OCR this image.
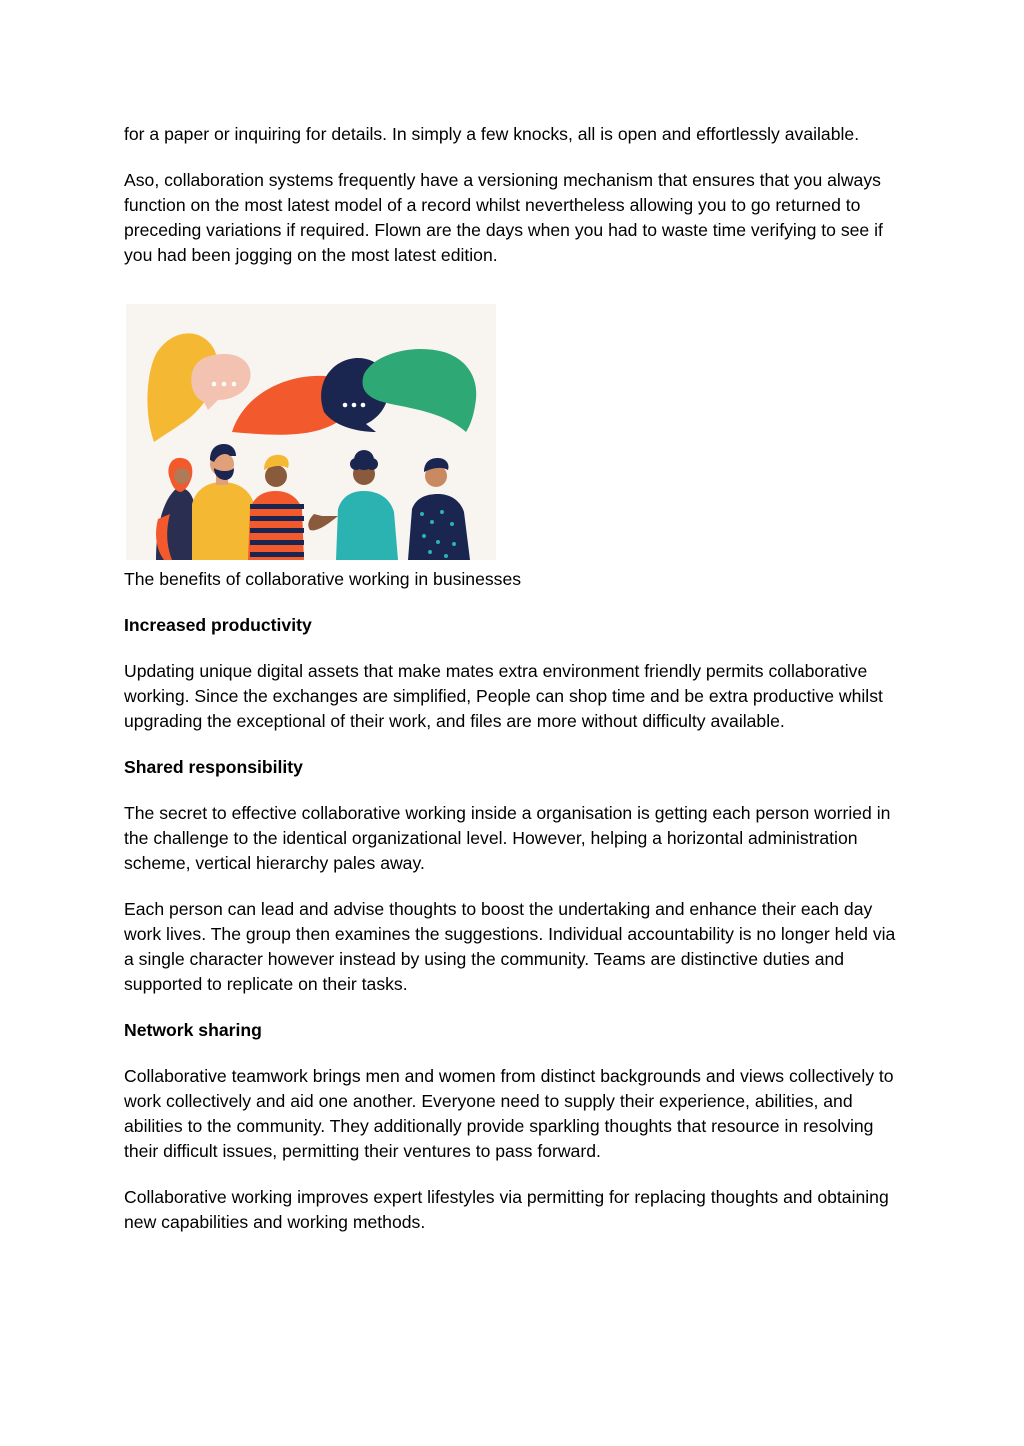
for a paper or inquiring for details. In simply a few knocks, all is open and effortlessly available.

Aso, collaboration systems frequently have a versioning mechanism that ensures that you always function on the most latest model of a record whilst nevertheless allowing you to go returned to preceding variations if required. Flown are the days when you had to waste time verifying to see if you had been jogging on the most latest edition.

The benefits of collaborative working in businesses

Increased productivity

Updating unique digital assets that make mates extra environment friendly permits collaborative working. Since the exchanges are simplified, People can shop time and be extra productive whilst upgrading the exceptional of their work, and files are more without difficulty available.

Shared responsibility

The secret to effective collaborative working inside a organisation is getting each person worried in the challenge to the identical organizational level. However, helping a horizontal administration scheme, vertical hierarchy pales away.

Each person can lead and advise thoughts to boost the undertaking and enhance their each day work lives. The group then examines the suggestions. Individual accountability is no longer held via a single character however instead by using the community. Teams are distinctive duties and supported to replicate on their tasks.

Network sharing

Collaborative teamwork brings men and women from distinct backgrounds and views collectively to work collectively and aid one another. Everyone need to supply their experience, abilities, and abilities to the community. They additionally provide sparkling thoughts that resource in resolving their difficult issues, permitting their ventures to pass forward.

Collaborative working improves expert lifestyles via permitting for replacing thoughts and obtaining new capabilities and working methods.
